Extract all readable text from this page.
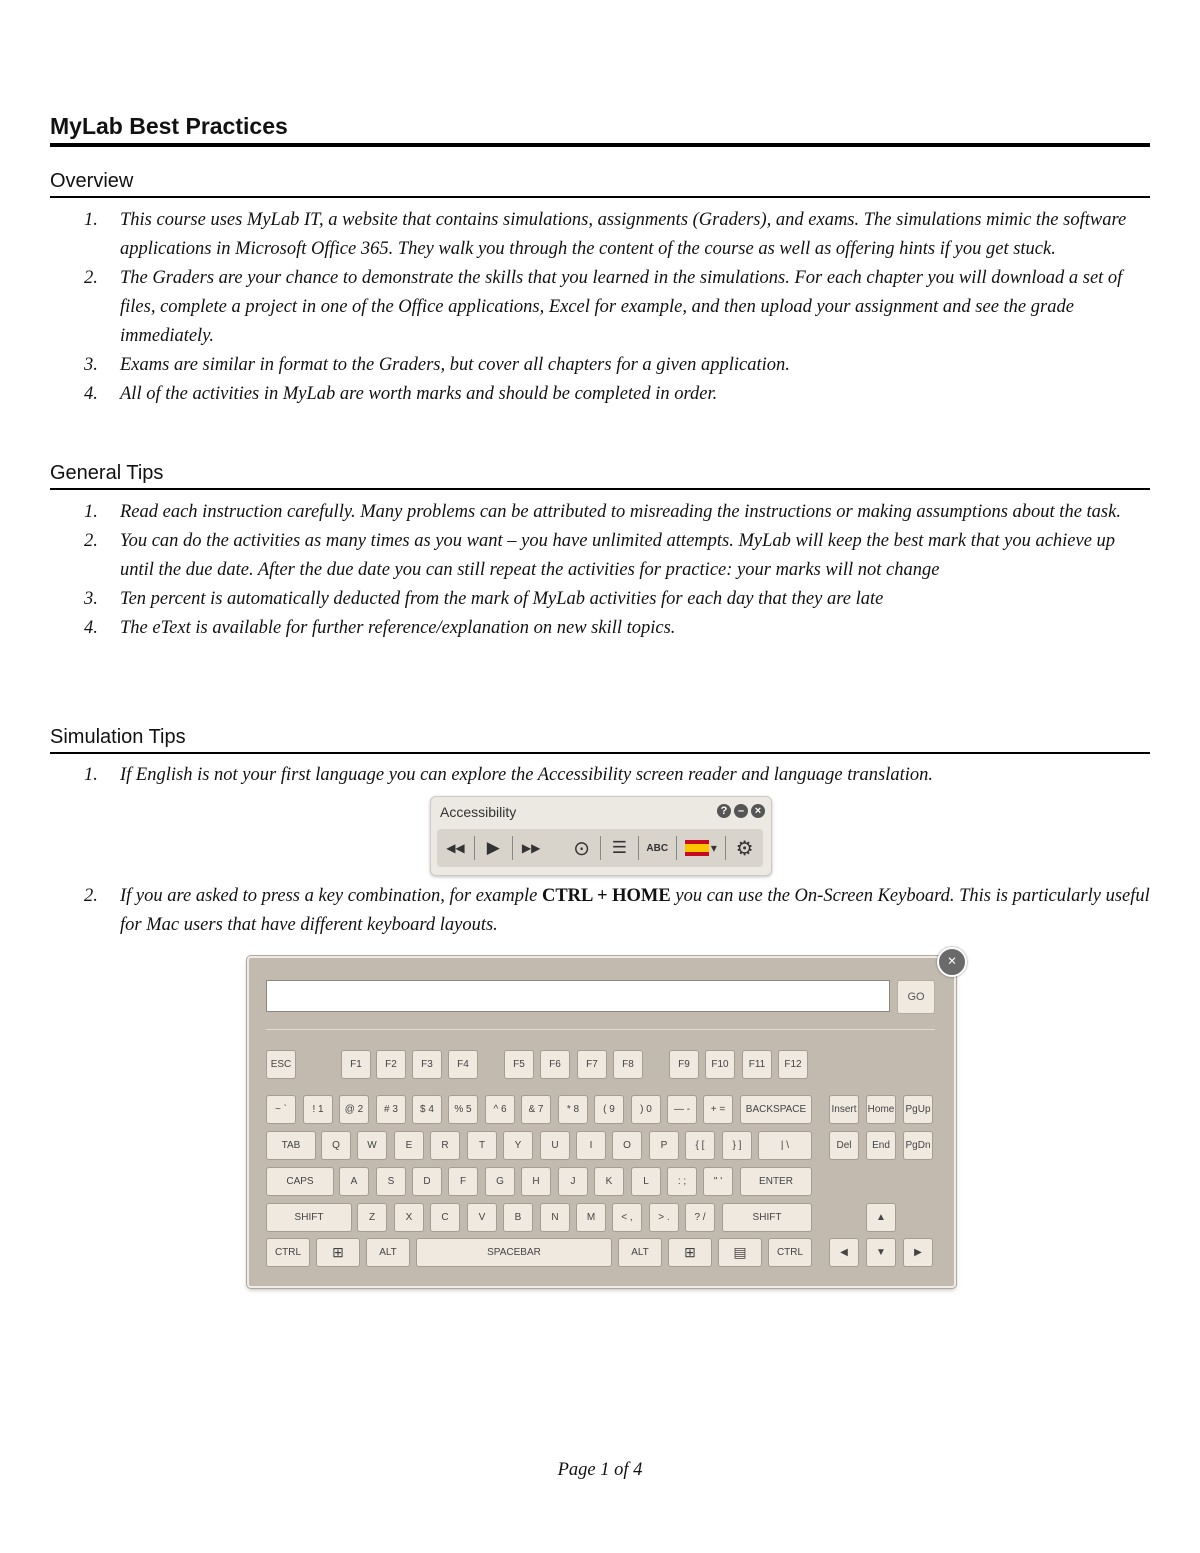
MyLab Best Practices
Overview
1. This course uses MyLab IT, a website that contains simulations, assignments (Graders), and exams. The simulations mimic the software applications in Microsoft Office 365. They walk you through the content of the course as well as offering hints if you get stuck.
2. The Graders are your chance to demonstrate the skills that you learned in the simulations. For each chapter you will download a set of files, complete a project in one of the Office applications, Excel for example, and then upload your assignment and see the grade immediately.
3. Exams are similar in format to the Graders, but cover all chapters for a given application.
4. All of the activities in MyLab are worth marks and should be completed in order.
General Tips
1. Read each instruction carefully. Many problems can be attributed to misreading the instructions or making assumptions about the task.
2. You can do the activities as many times as you want – you have unlimited attempts. MyLab will keep the best mark that you achieve up until the due date. After the due date you can still repeat the activities for practice: your marks will not change
3. Ten percent is automatically deducted from the mark of MyLab activities for each day that they are late
4. The eText is available for further reference/explanation on new skill topics.
Simulation Tips
1. If English is not your first language you can explore the Accessibility screen reader and language translation.
2. If you are asked to press a key combination, for example CTRL + HOME you can use the On-Screen Keyboard. This is particularly useful for Mac users that have different keyboard layouts.
Accessibility	? – ×
◀◀	▶	▶▶	⊙	☰	ABC	▾ ⚙
GO
ESC	F1	F2	F3	F4	F5	F6	F7	F8	F9	F10	F11	F12
~ `	! 1	@ 2	# 3	$ 4	% 5	^ 6	& 7	* 8	( 9	) 0	— -	+ =	BACKSPACE	Insert Home PgUp
TAB	Q	W	E	R	T	Y	U	I	O	P	{ [	} ]	| \	Del	End	PgDn
CAPS	A	S	D	F	G	H	J	K	L	: ;	" '	ENTER
SHIFT	Z	X	C	V	B	N	M	< ,	> .	? /	SHIFT	▲
CTRL	⊞	ALT	SPACEBAR	ALT	⊞	▤	CTRL	◀	▼	▶
×
Page 1 of 4
